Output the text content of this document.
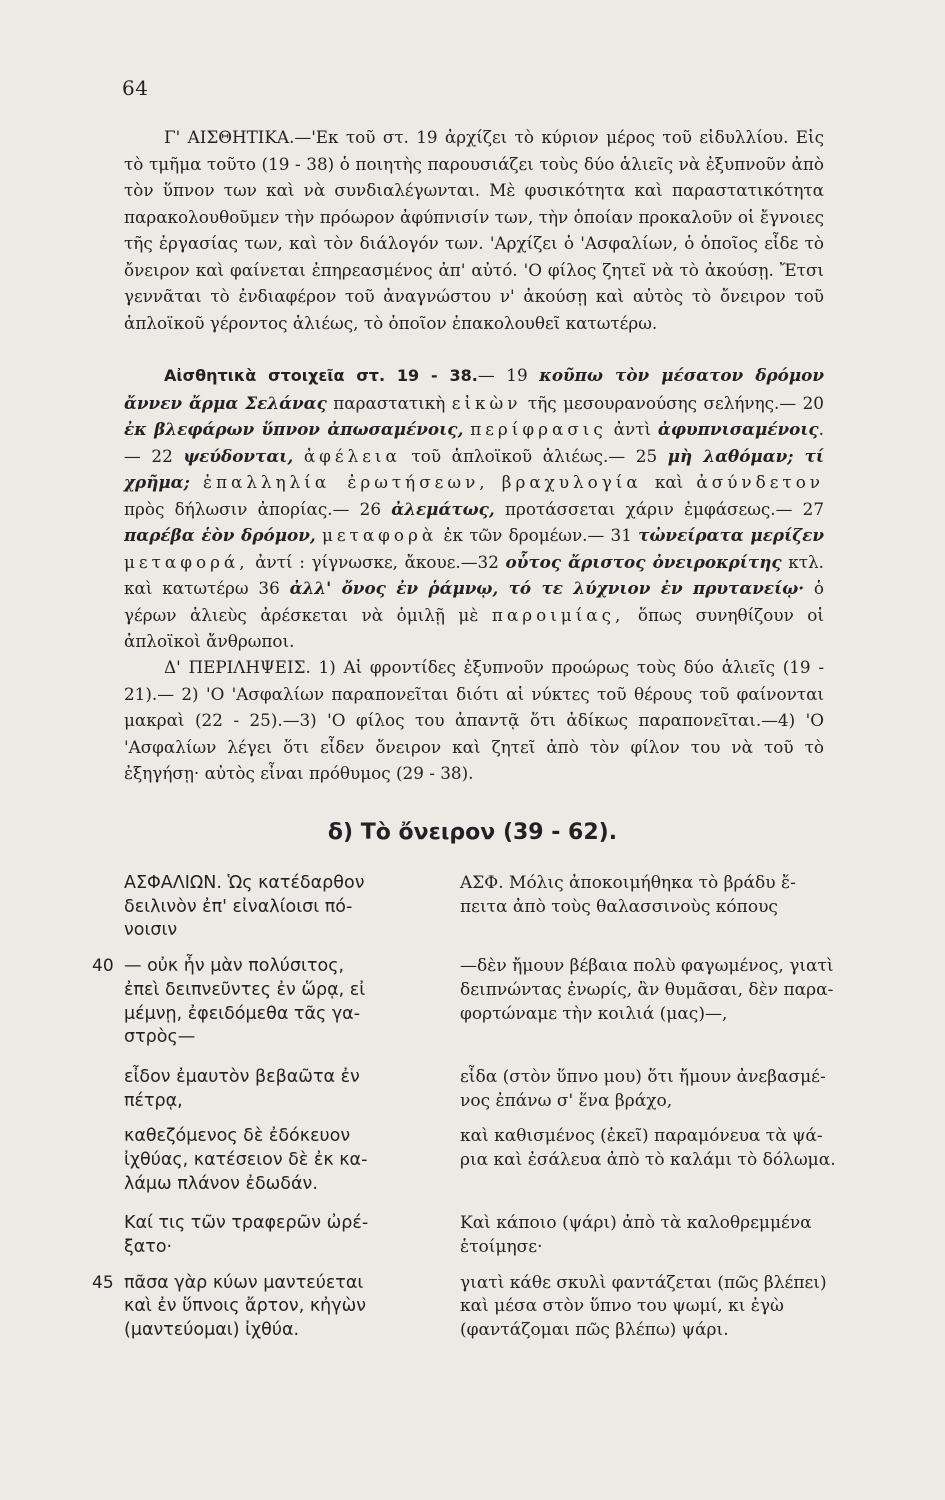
64

Γ' ΑΙΣΘΗΤΙΚΑ.—'Εκ τοῦ στ. 19 ἀρχίζει τὸ κύριον μέρος τοῦ εἰδυλλίου. Εἰς τὸ τμῆμα τοῦτο (19 - 38) ὁ ποιητὴς παρουσιάζει τοὺς δύο ἁλιεῖς νὰ ἐξυπνοῦν ἀπὸ τὸν ὕπνον των καὶ νὰ συνδιαλέγωνται. Μὲ φυσικότητα καὶ παραστατικότητα παρακολουθοῦμεν τὴν πρόωρον ἀφύπνισίν των, τὴν ὁποίαν προκαλοῦν οἱ ἔγνοιες τῆς ἐργασίας των, καὶ τὸν διάλογόν των. 'Αρχίζει ὁ 'Ασφαλίων, ὁ ὁποῖος εἶδε τὸ ὄνειρον καὶ φαίνεται ἐπηρεασμένος ἀπ' αὐτό. 'Ο φίλος ζητεῖ νὰ τὸ ἀκούσῃ. Ἔτσι γεννᾶται τὸ ἐνδιαφέρον τοῦ ἀναγνώστου ν' ἀκούσῃ καὶ αὐτὸς τὸ ὄνειρον τοῦ ἁπλοϊκοῦ γέροντος ἁλιέως, τὸ ὁποῖον ἐπακολουθεῖ κατωτέρω.

Αἰσθητικὰ στοιχεῖα στ. 19 - 38.— 19 κοῦπω τὸν μέσατον δρόμον ἄννεν ἄρμα Σελάνας παραστατικὴ εἰκὼν τῆς μεσουρανούσης σελήνης.— 20 ἐκ βλεφάρων ὕπνον ἀπωσαμένοις, περίφρασις ἀντὶ ἀφυπνισαμένοις.— 22 ψεύδονται, ἀφέλεια τοῦ ἁπλοϊκοῦ ἁλιέως.— 25 μὴ λαθόμαν; τί χρῆμα; ἐπαλληλία ἐρωτήσεων, βραχυλογία καὶ ἀσύνδετον πρὸς δήλωσιν ἀπορίας.— 26 ἀλεμάτως, προτάσσεται χάριν ἐμφάσεως.— 27 παρέβα ἑὸν δρόμον, μεταφορὰ ἐκ τῶν δρομέων.— 31 τὠνείρατα μερίζεν μεταφορά, ἀντί : γίγνωσκε, ἄκουε.—32 οὗτος ἄριστος ὀνειροκρίτης κτλ. καὶ κατωτέρω 36 ἀλλ' ὄνος ἐν ῥάμνῳ, τό τε λύχνιον ἐν πρυτανείῳ· ὁ γέρων ἁλιεὺς ἀρέσκεται νὰ ὁμιλῇ μὲ παροιμίας, ὅπως συνηθίζουν οἱ ἁπλοϊκοὶ ἄνθρωποι.

Δ' ΠΕΡΙΛΗΨΕΙΣ. 1) Αἱ φροντίδες ἐξυπνοῦν προώρως τοὺς δύο ἁλιεῖς (19 - 21).— 2) 'Ο 'Ασφαλίων παραπονεῖται διότι αἱ νύκτες τοῦ θέρους τοῦ φαίνονται μακραὶ (22 - 25).—3) 'Ο φίλος του ἀπαντᾷ ὅτι ἀδίκως παραπονεῖται.—4) 'Ο 'Ασφαλίων λέγει ὅτι εἶδεν ὄνειρον καὶ ζητεῖ ἀπὸ τὸν φίλον του νὰ τοῦ τὸ ἐξηγήσῃ· αὐτὸς εἶναι πρόθυμος (29 - 38).

δ) Τὸ ὄνειρον (39 - 62).
ΑΣΦΑΛΙΩΝ. Ὡς κατέδαρθον
δειλινὸν ἐπ' εἰναλίοισι πό-
νοισιν
40 — οὐκ ἦν μὰν πολύσιτος,
ἐπεὶ δειπνεῦντες ἐν ὥρᾳ, εἰ
μέμνῃ, ἐφειδόμεθα τᾶς γα-
στρὸς—
εἶδον ἐμαυτὸν βεβαῶτα ἐν
πέτρᾳ,
καθεζόμενος δὲ ἐδόκευον
ἰχθύας, κατέσειον δὲ ἐκ κα-
λάμω πλάνον ἐδωδάν.
Καί τις τῶν τραφερῶν ὠρέ-
ξατο·
45 πᾶσα γὰρ κύων μαντεύεται
καὶ ἐν ὕπνοις ἄρτον, κἠγὼν
(μαντεύομαι) ἰχθύα.
ΑΣΦ. Μόλις ἀποκοιμήθηκα τὸ βράδυ ἔ-
πειτα ἀπὸ τοὺς θαλασσινοὺς κόπους
—δὲν ἤμουν βέβαια πολὺ φαγωμένος, γιατὶ
δειπνώντας ἐνωρίς, ἂν θυμᾶσαι, δὲν παρα-
φορτώναμε τὴν κοιλιά (μας)—,
εἶδα (στὸν ὕπνο μου) ὅτι ἤμουν ἀνεβασμέ-
νος ἐπάνω σ' ἕνα βράχο,
καὶ καθισμένος (ἐκεῖ) παραμόνευα τὰ ψά-
ρια καὶ ἐσάλευα ἀπὸ τὸ καλάμι τὸ δόλωμα.
Καὶ κάποιο (ψάρι) ἀπὸ τὰ καλοθρεμμένα
ἑτοίμησε·
γιατὶ κάθε σκυλὶ φαντάζεται (πῶς βλέπει)
καὶ μέσα στὸν ὕπνο του ψωμί, κι ἐγὼ
(φαντάζομαι πῶς βλέπω) ψάρι.
